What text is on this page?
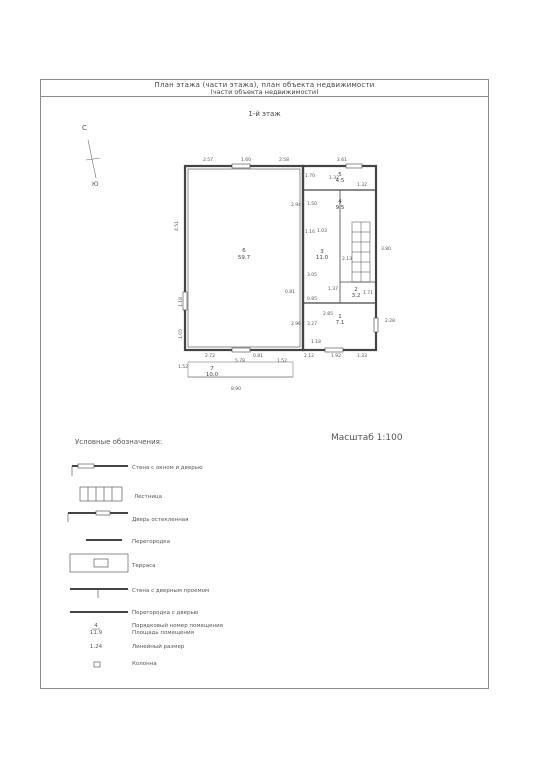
План этажа (части этажа), план объекта недвижимости
(части объекта недвижимости)
1-й этаж
Масштаб 1:100
Условные обозначения:
С
Ю
6
59.7
5
4.5
4
9.5
3
11.0
2
3.2
1
7.1
7
10.0
2.57	1.60	2.58	2.61
4.51
1.18
1.05
2.72
5.78
0.81
1.52
2.12	1.92	1.33
8.90
1.70	1.32
1.32
1.50
2.94
1.16 1.03
3.80
3.05
0.81
2.13
1.37
0.85
2.85
3.27
2.96
2.28
1.18
1.71
1.52
Стена с окном и дверью
Лестница
Дверь остекленная
Перегородка
Терраса
Стена с дверным проемом
Перегородка с дверью
Порядковый номер помещения
Площадь помещения
Линейный размер
Колонна
4
11.9
1.24
